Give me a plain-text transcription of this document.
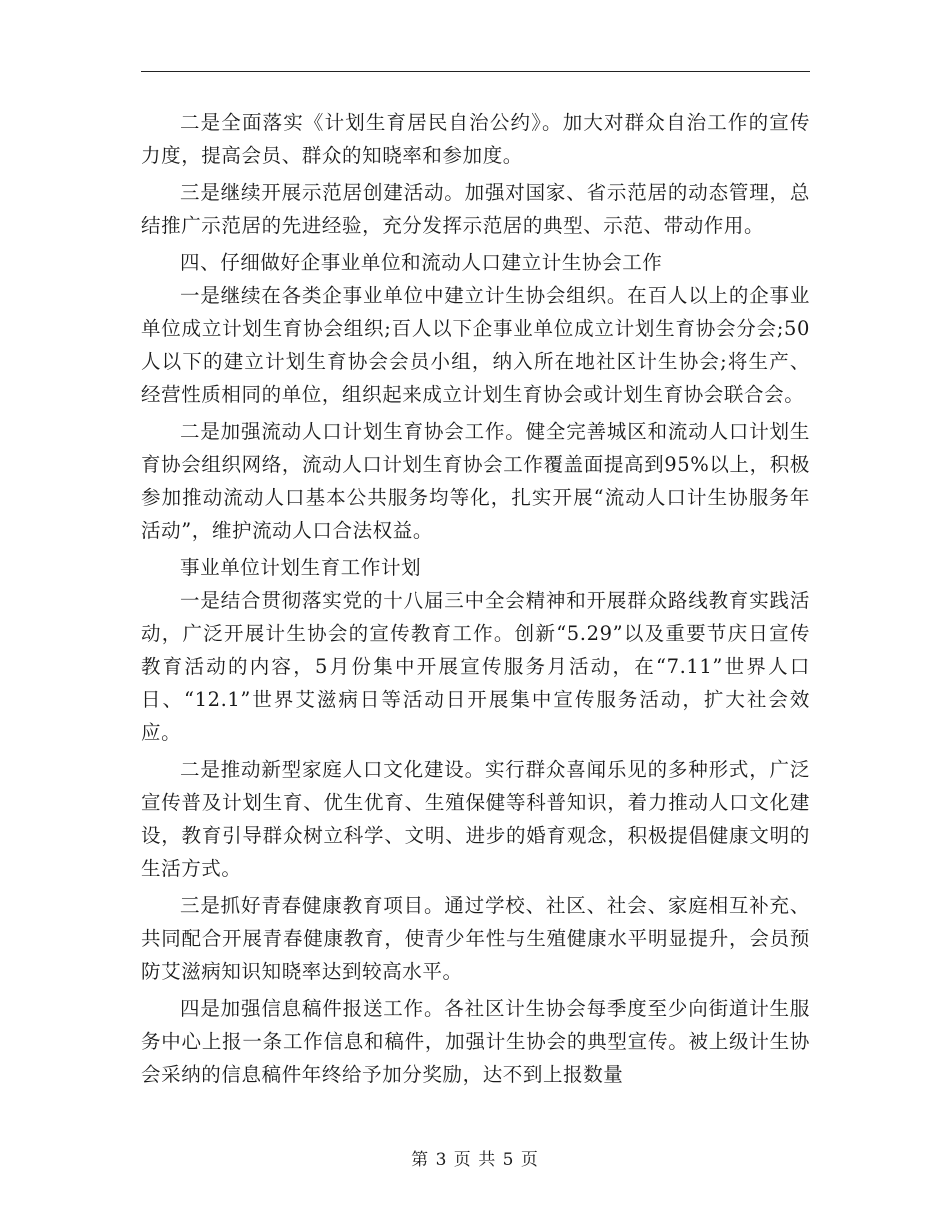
二是全面落实《计划生育居民自治公约》。加大对群众自治工作的宣传力度，提高会员、群众的知晓率和参加度。

三是继续开展示范居创建活动。加强对国家、省示范居的动态管理，总结推广示范居的先进经验，充分发挥示范居的典型、示范、带动作用。

四、仔细做好企事业单位和流动人口建立计生协会工作

一是继续在各类企事业单位中建立计生协会组织。在百人以上的企事业单位成立计划生育协会组织;百人以下企事业单位成立计划生育协会分会;50人以下的建立计划生育协会会员小组，纳入所在地社区计生协会;将生产、经营性质相同的单位，组织起来成立计划生育协会或计划生育协会联合会。

二是加强流动人口计划生育协会工作。健全完善城区和流动人口计划生育协会组织网络，流动人口计划生育协会工作覆盖面提高到95%以上，积极参加推动流动人口基本公共服务均等化，扎实开展“流动人口计生协服务年活动”，维护流动人口合法权益。

事业单位计划生育工作计划

一是结合贯彻落实党的十八届三中全会精神和开展群众路线教育实践活动，广泛开展计生协会的宣传教育工作。创新“5.29”以及重要节庆日宣传教育活动的内容，5月份集中开展宣传服务月活动，在“7.11”世界人口日、“12.1”世界艾滋病日等活动日开展集中宣传服务活动，扩大社会效应。

二是推动新型家庭人口文化建设。实行群众喜闻乐见的多种形式，广泛宣传普及计划生育、优生优育、生殖保健等科普知识，着力推动人口文化建设，教育引导群众树立科学、文明、进步的婚育观念，积极提倡健康文明的生活方式。

三是抓好青春健康教育项目。通过学校、社区、社会、家庭相互补充、共同配合开展青春健康教育，使青少年性与生殖健康水平明显提升，会员预防艾滋病知识知晓率达到较高水平。

四是加强信息稿件报送工作。各社区计生协会每季度至少向街道计生服务中心上报一条工作信息和稿件，加强计生协会的典型宣传。被上级计生协会采纳的信息稿件年终给予加分奖励，达不到上报数量

第 3 页 共 5 页
